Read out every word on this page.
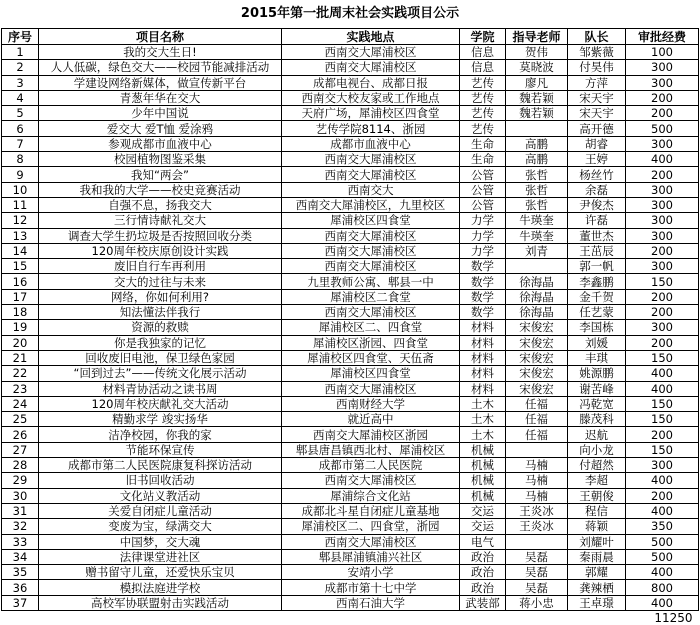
2015年第一批周末社会实践项目公示
序号	项目名称	实践地点	学院	指导老师	队长	审批经费
1	我的交大生日!	西南交大犀浦校区	信息	贺伟	邹紫薇	100
2	人人低碳，绿色交大——校园节能减排活动	西南交大犀浦校区	信息	莫晓波	付昊伟	300
3	学建设网络新媒体，做宣传新平台	成都电视台、成都日报	艺传	廖凡	方萍	300
4	青葱年华在交大	西南交大校友家或工作地点	艺传	魏若颖	宋天宇	200
5	少年中国说	天府广场，犀浦校区四食堂	艺传	魏若颖	宋天宇	200
6	爱交大 爱T恤 爱涂鸦	艺传学院8114、浙园	艺传		高开德	500
7	参观成都市血液中心	成都市血液中心	生命	高鹏	胡睿	300
8	校园植物图鉴采集	西南交大犀浦校区	生命	高鹏	王婷	400
9	我知“两会”	西南交大犀浦校区	公管	张哲	杨丝竹	200
10	我和我的大学——校史竞赛活动	西南交大	公管	张哲	余磊	300
11	自强不息，扬我交大	西南交大犀浦校区，九里校区	公管	张哲	尹俊杰	300
12	三行情诗献礼交大	犀浦校区四食堂	力学	牛瑛奎	许磊	300
13	调查大学生扔垃圾是否按照回收分类	西南交大犀浦校区	力学	牛瑛奎	董世杰	300
14	120周年校庆原创设计实践	西南交大犀浦校区	力学	刘青	王茁辰	200
15	废旧自行车再利用	西南交大犀浦校区	数学		郭一帆	300
16	交大的过往与未来	九里教师公寓、郫县一中	数学	徐海晶	李鑫鹏	150
17	网络，你如何利用?	犀浦校区二食堂	数学	徐海晶	金千贺	200
18	知法懂法伴我行	西南交大犀浦校区	数学	徐海晶	任艺蒙	200
19	资源的救赎	犀浦校区二、四食堂	材料	宋俊宏	李国栋	300
20	你是我独家的记忆	犀浦校区浙园、四食堂	材料	宋俊宏	刘媛	200
21	回收废旧电池，保卫绿色家园	犀浦校区四食堂、天伍斋	材料	宋俊宏	丰琪	150
22	“回到过去”——传统文化展示活动	犀浦校区四食堂	材料	宋俊宏	姚源鹏	400
23	材料青协活动之读书周	西南交大犀浦校区	材料	宋俊宏	谢苦峰	400
24	120周年校庆献礼交大活动	西南财经大学	土木	任福	冯乾宽	150
25	精勤求学 竣实扬华	就近高中	土木	任福	滕茂科	150
26	洁净校园，你我的家	西南交大犀浦校区浙园	土木	任福	迟航	200
27	节能环保宣传	郫县唐昌镇西北村、犀浦校区	机械		向小龙	150
28	成都市第二人民医院康复科探访活动	成都市第二人民医院	机械	马楠	付超然	300
29	旧书回收活动	西南交大犀浦校区	机械	马楠	李超	400
30	文化站义教活动	犀浦综合文化站	机械	马楠	王朝俊	200
31	关爱自闭症儿童活动	成都北斗星自闭症儿童基地	交运	王炎冰	程信	400
32	变废为宝，绿满交大	犀浦校区二、四食堂，浙园	交运	王炎冰	蒋颖	350
33	中国梦，交大魂	西南交大犀浦校区	电气		刘耀叶	500
34	法律课堂进社区	郫县犀浦镇浦兴社区	政治	吴磊	秦雨晨	500
35	赠书留守儿童，还爱快乐宝贝	安靖小学	政治	吴磊	郭耀	400
36	模拟法庭进学校	成都市第十七中学	政治	吴磊	龚辣栖	800
37	高校军协联盟射击实践活动	西南石油大学	武装部	蒋小忠	王卓璟	400
						11250
